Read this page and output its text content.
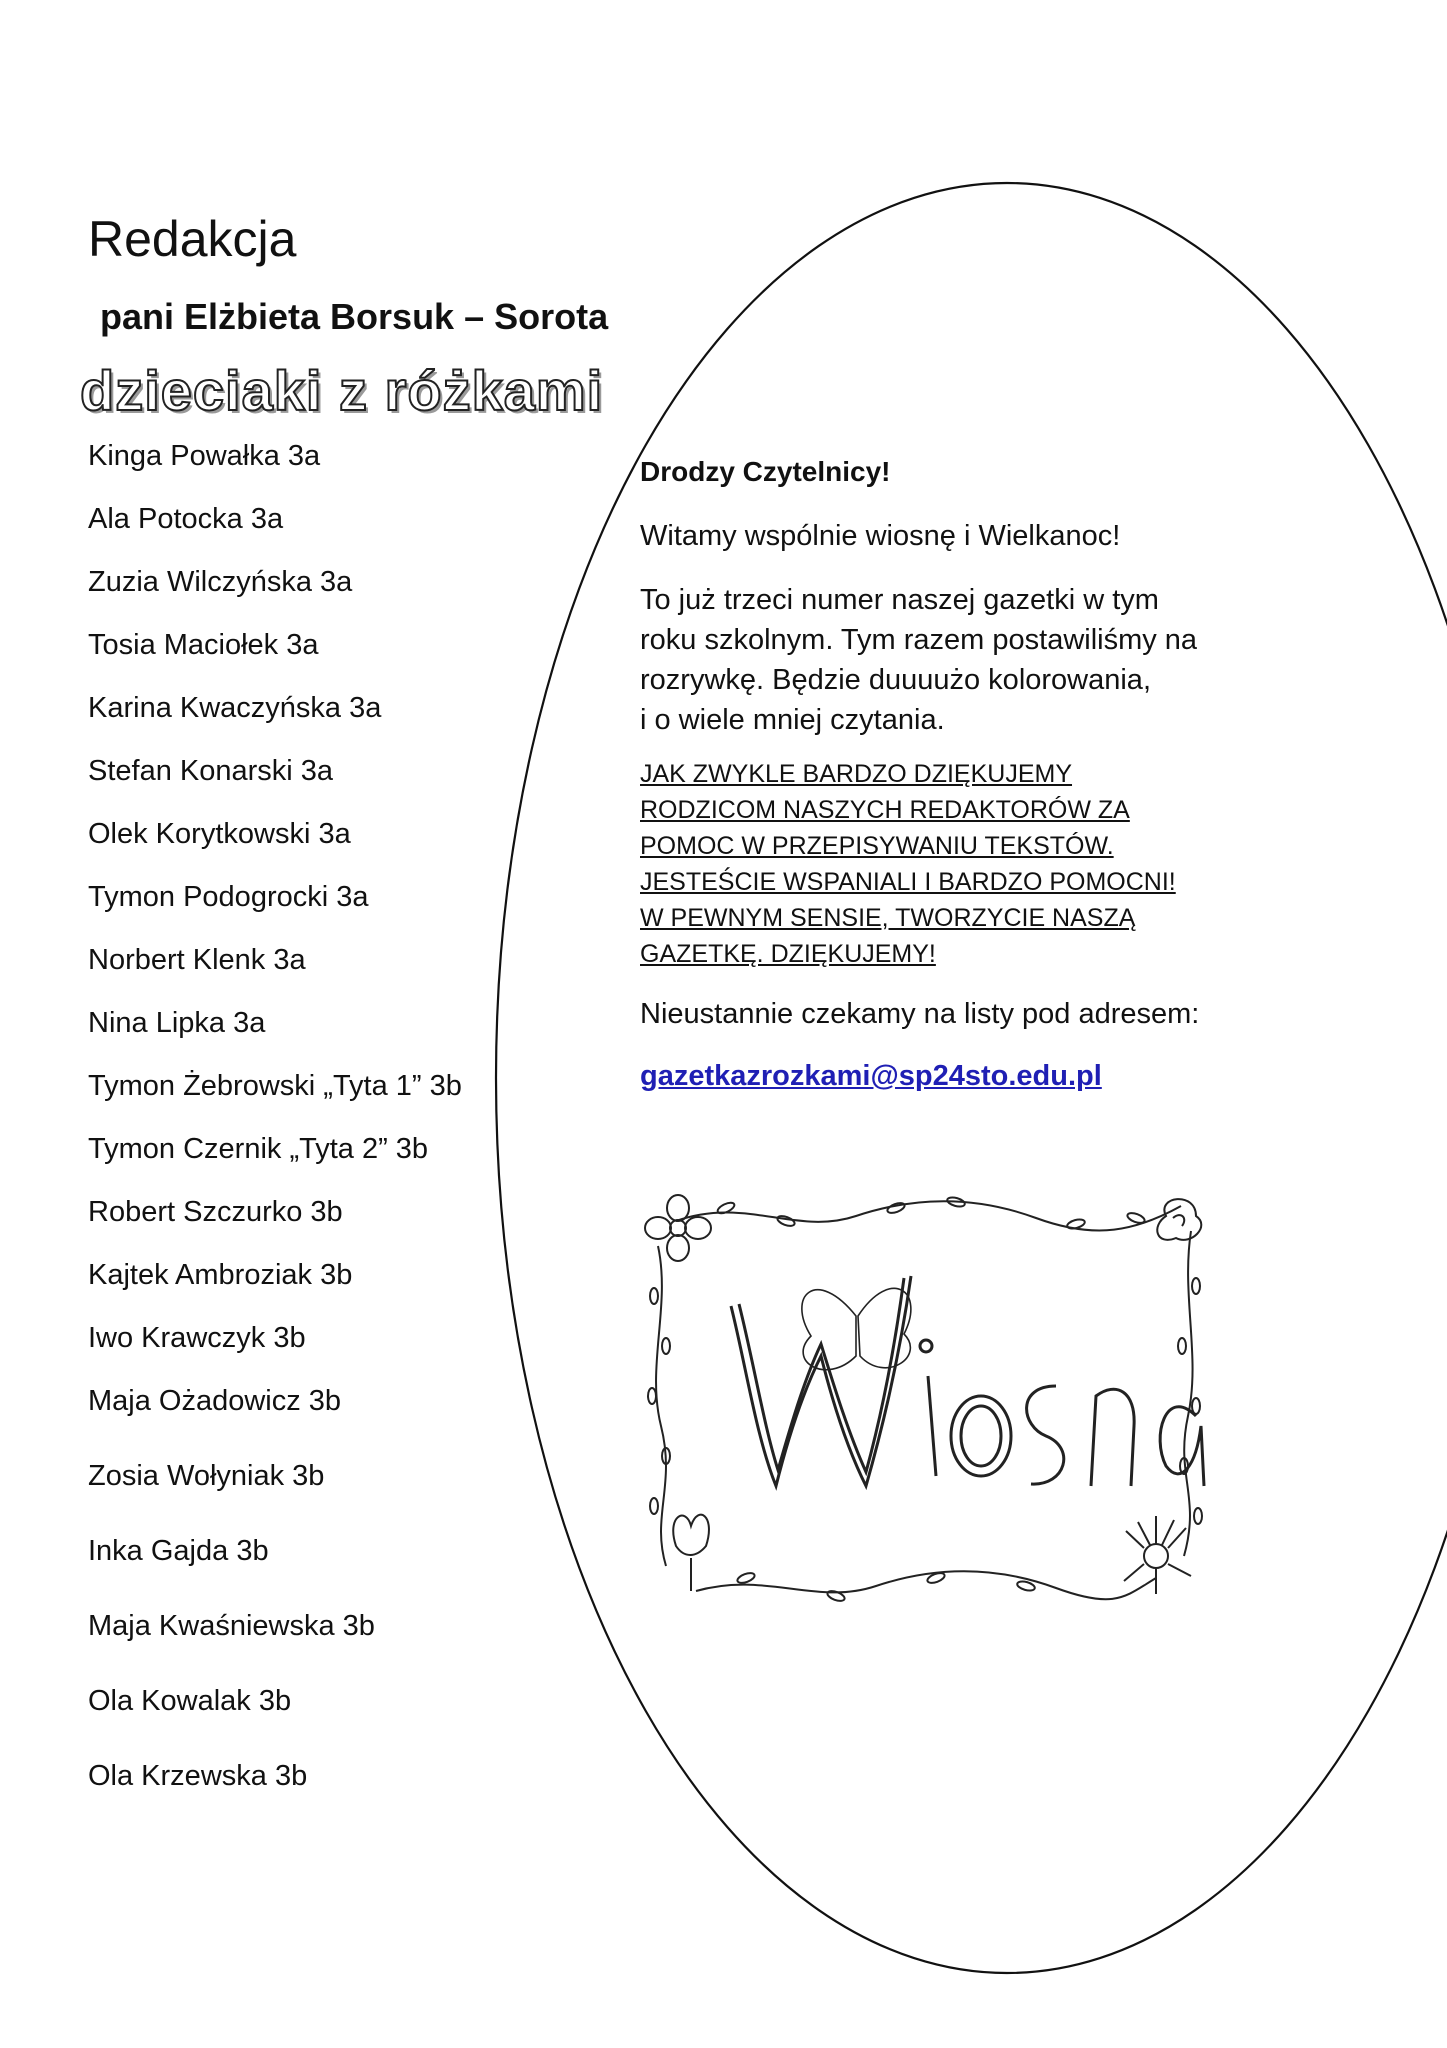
Redakcja
pani Elżbieta Borsuk – Sorota
dzieciaki z różkami
Kinga Powałka 3a
Ala Potocka 3a
Zuzia Wilczyńska 3a
Tosia Maciołek 3a
Karina Kwaczyńska 3a
Stefan Konarski 3a
Olek Korytkowski 3a
Tymon Podogrocki 3a
Norbert Klenk 3a
Nina Lipka 3a
Tymon Żebrowski „Tyta 1” 3b
Tymon Czernik „Tyta 2” 3b
Robert Szczurko 3b
Kajtek Ambroziak 3b
Iwo Krawczyk 3b
Maja Ożadowicz 3b
Zosia Wołyniak 3b
Inka Gajda 3b
Maja Kwaśniewska 3b
Ola Kowalak 3b
Ola Krzewska 3b

Drodzy Czytelnicy!

Witamy wspólnie wiosnę i Wielkanoc!

To już trzeci numer naszej gazetki w tym

roku szkolnym. Tym razem postawiliśmy na

rozrywkę. Będzie duuuużo kolorowania,

i o wiele mniej czytania.

JAK ZWYKLE BARDZO DZIĘKUJEMY

RODZICOM NASZYCH REDAKTORÓW ZA

POMOC W PRZEPISYWANIU TEKSTÓW.

JESTEŚCIE WSPANIALI I BARDZO POMOCNI!

W PEWNYM SENSIE, TWORZYCIE NASZĄ

GAZETKĘ. DZIĘKUJEMY!

Nieustannie czekamy na listy pod adresem:

gazetkazrozkami@sp24sto.edu.pl
